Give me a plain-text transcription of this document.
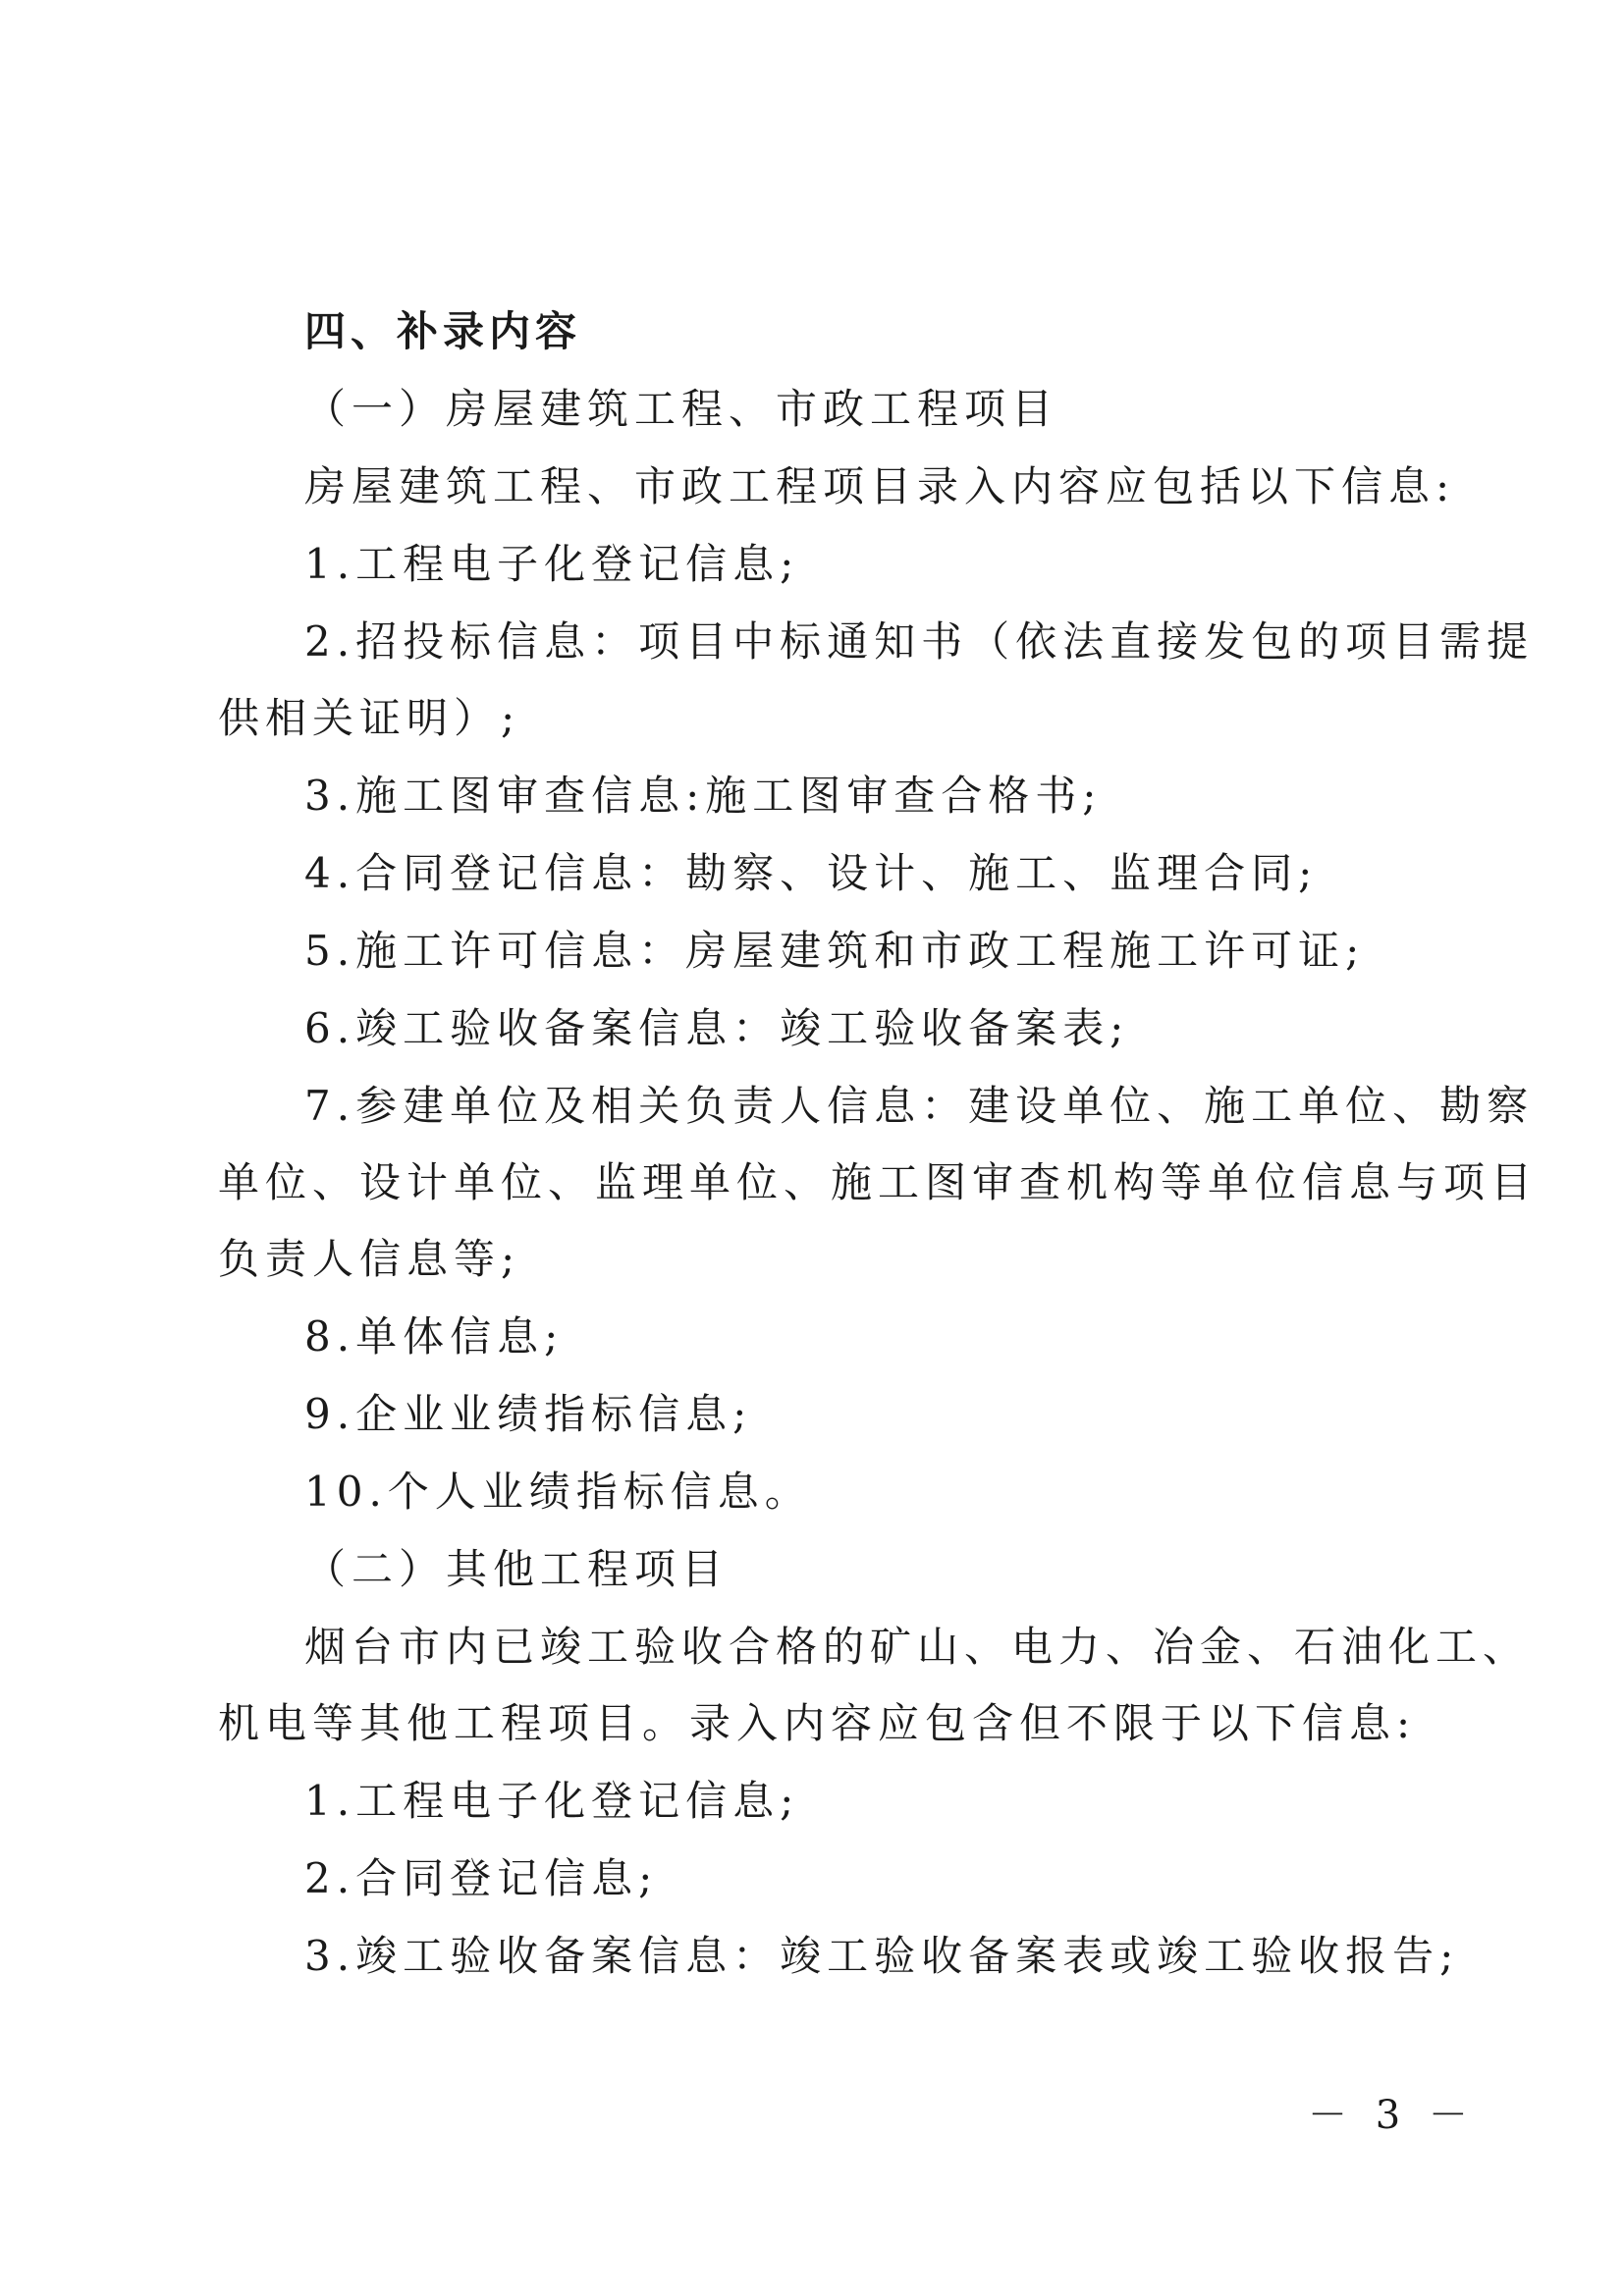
四、补录内容
（一）房屋建筑工程、市政工程项目
房屋建筑工程、市政工程项目录入内容应包括以下信息:
1.工程电子化登记信息;
2.招投标信息：项目中标通知书（依法直接发包的项目需提
供相关证明）;
3.施工图审查信息:施工图审查合格书;
4.合同登记信息：勘察、设计、施工、监理合同;
5.施工许可信息：房屋建筑和市政工程施工许可证;
6.竣工验收备案信息：竣工验收备案表;
7.参建单位及相关负责人信息：建设单位、施工单位、勘察
单位、设计单位、监理单位、施工图审查机构等单位信息与项目
负责人信息等;
8.单体信息;
9.企业业绩指标信息;
10.个人业绩指标信息。
（二）其他工程项目
烟台市内已竣工验收合格的矿山、电力、冶金、石油化工、
机电等其他工程项目。录入内容应包含但不限于以下信息:
1.工程电子化登记信息;
2.合同登记信息;
3.竣工验收备案信息：竣工验收备案表或竣工验收报告;
－ 3 －
